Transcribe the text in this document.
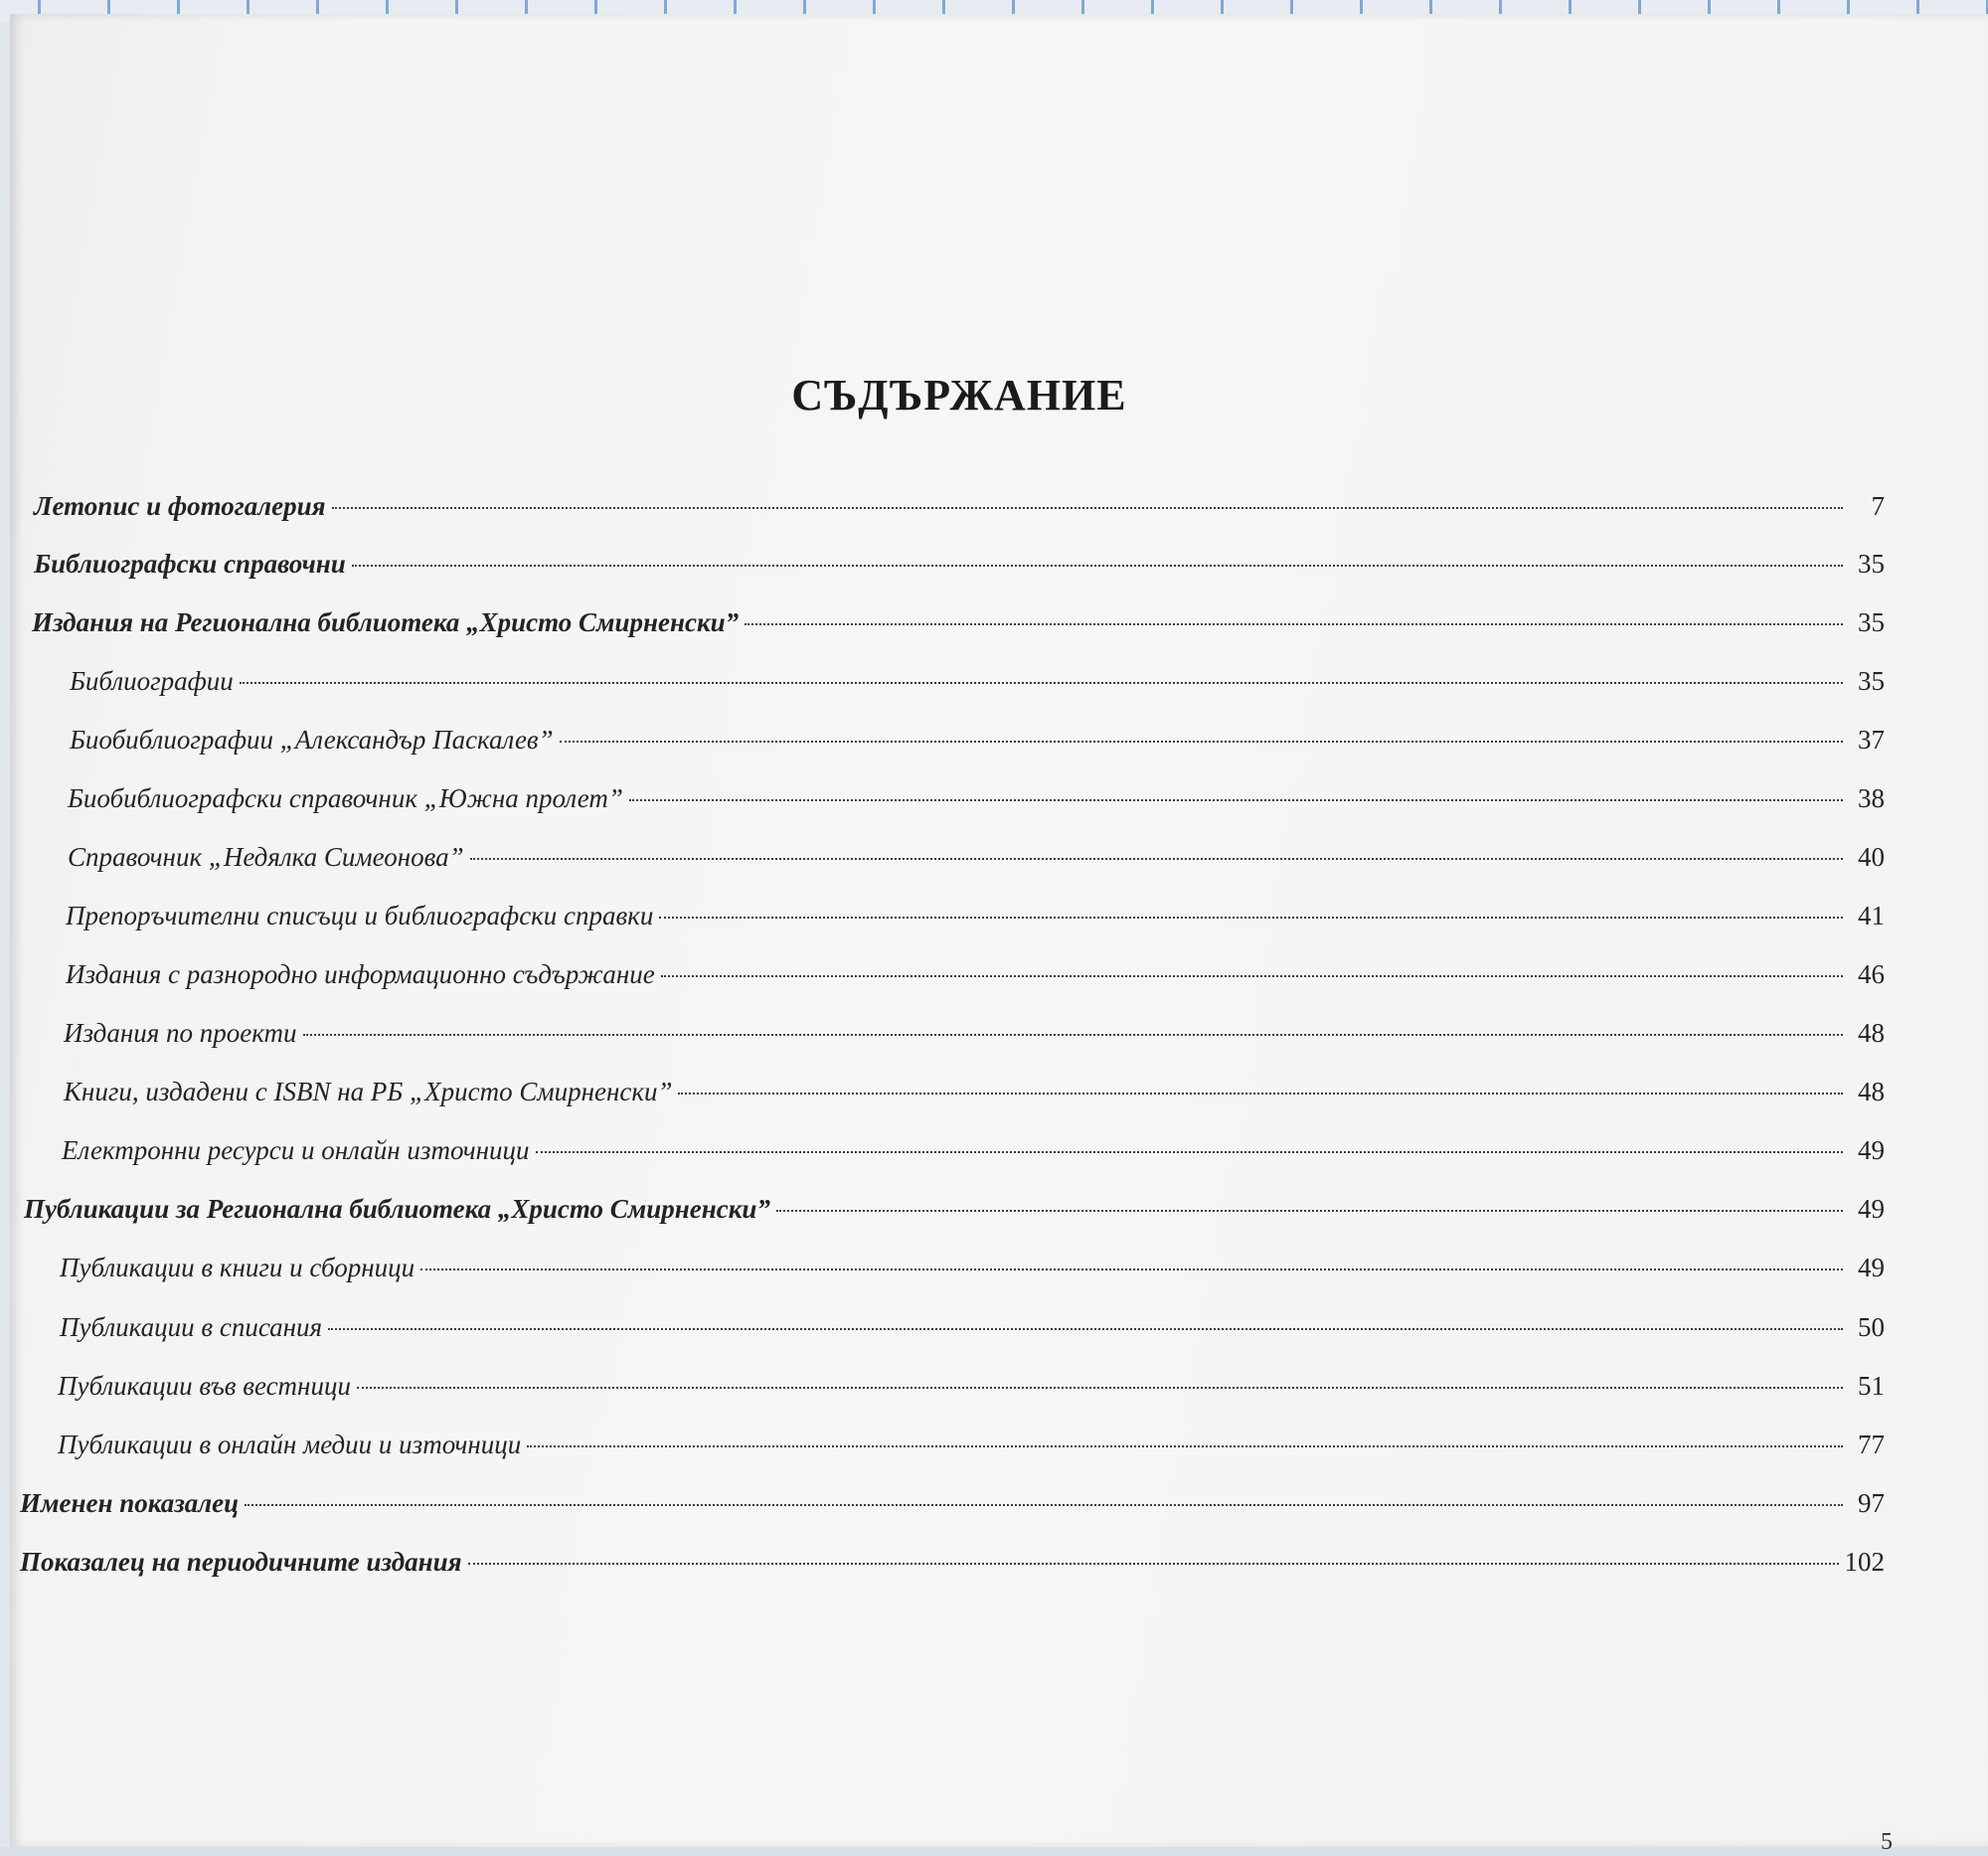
СЪДЪРЖАНИЕ
Летопис и фотогалерия	7
Библиографски справочни	35
Издания на Регионална библиотека „Христо Смирненски”	35
Библиографии	35
Биобиблиографии „Александър Паскалев”	37
Биобиблиографски справочник „Южна пролет”	38
Справочник „Недялка Симеонова”	40
Препоръчителни списъци и библиографски справки	41
Издания с разнородно информационно съдържание	46
Издания по проекти	48
Книги, издадени с ISBN на РБ „Христо Смирненски”	48
Електронни ресурси и онлайн източници	49
Публикации за Регионална библиотека „Христо Смирненски”	49
Публикации в книги и сборници	49
Публикации в списания	50
Публикации във вестници	51
Публикации в онлайн медии и източници	77
Именен показалец	97
Показалец на периодичните издания	102
5
